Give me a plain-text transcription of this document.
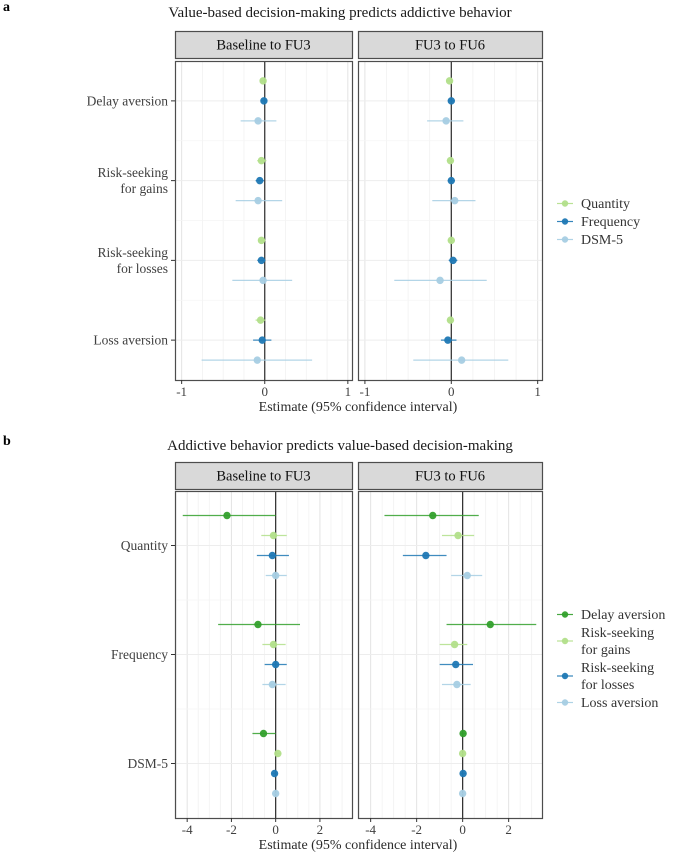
Baseline to FU3
-1	0	1
FU3 to FU6
-1	0	1
Delay aversion
Risk-seeking
for gains
Risk-seeking
for losses
Loss aversion
Quantity
Frequency
DSM-5
Baseline to FU3
-4	-2	0	2
FU3 to FU6
-4	-2	0	2
Quantity
Frequency
DSM-5
Delay aversion
Risk-seeking
for gains
Risk-seeking
for losses
Loss aversion
a	Value-based decision-making predicts addictive behavior
Estimate (95% confidence interval)
b	Addictive behavior predicts value-based decision-making
Estimate (95% confidence interval)
